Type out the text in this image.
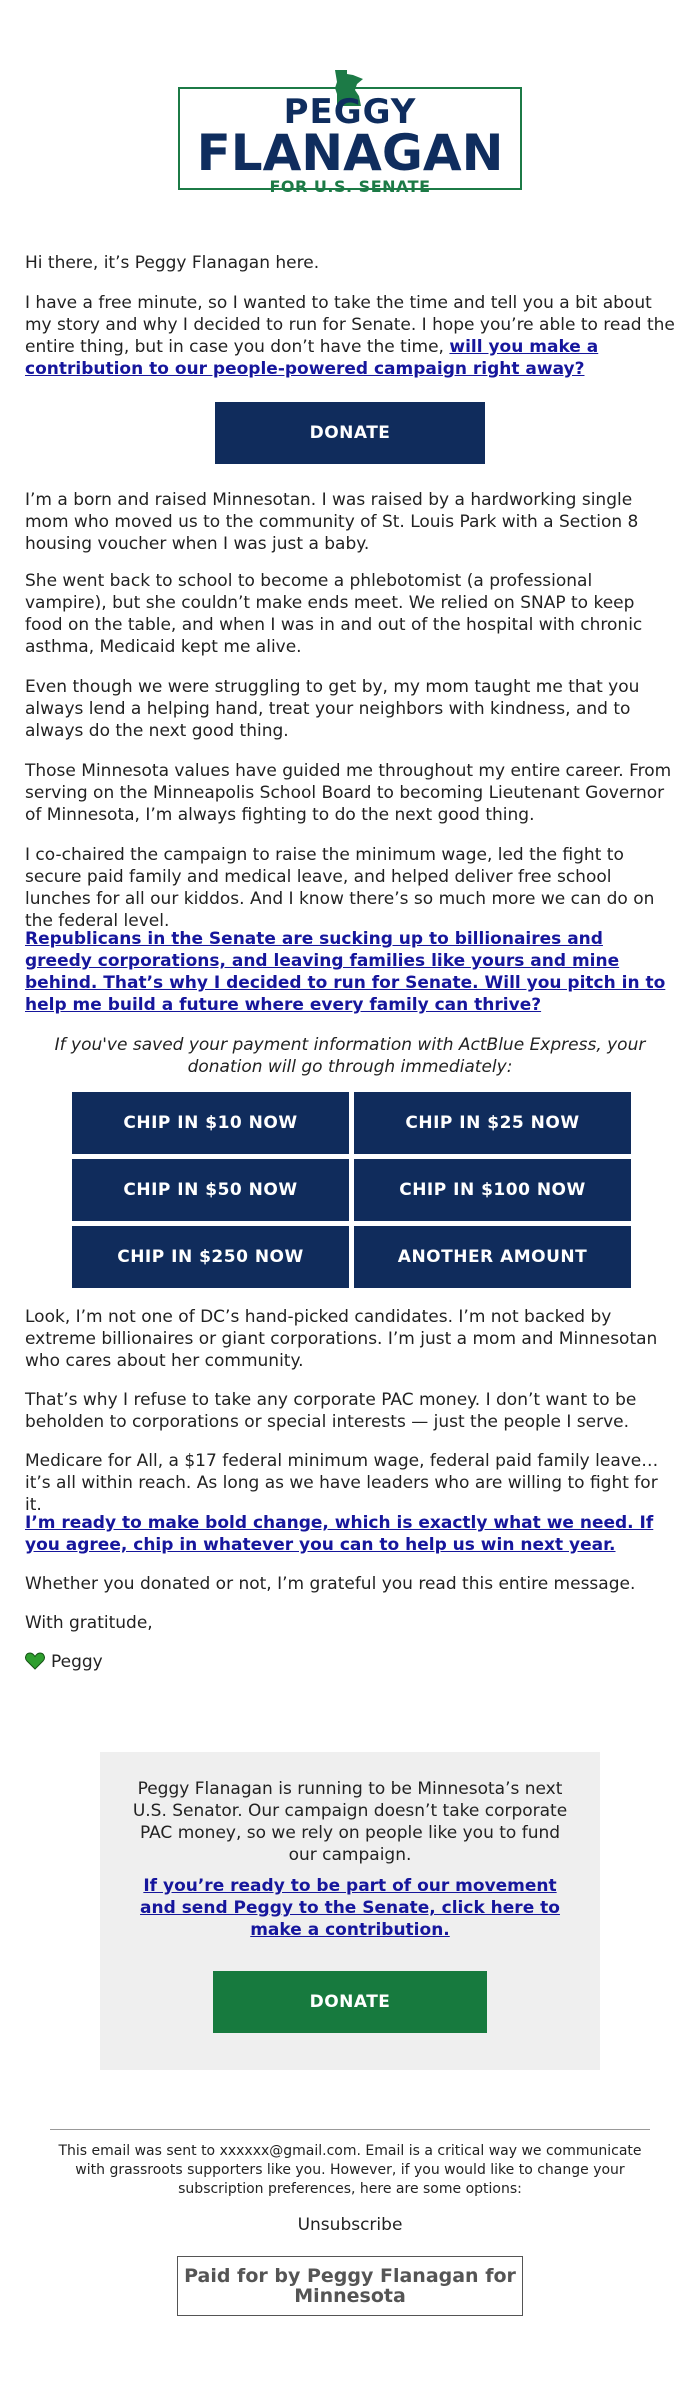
PEGGY
FLANAGAN
FOR U.S. SENATE

Hi there, it’s Peggy Flanagan here.

I have a free minute, so I wanted to take the time and tell you a bit about my story and why I decided to run for Senate. I hope you’re able to read the entire thing, but in case you don’t have the time, will you make a contribution to our people-powered campaign right away?

DONATE

I’m a born and raised Minnesotan. I was raised by a hardworking single mom who moved us to the community of St. Louis Park with a Section 8 housing voucher when I was just a baby.

She went back to school to become a phlebotomist (a professional vampire), but she couldn’t make ends meet. We relied on SNAP to keep food on the table, and when I was in and out of the hospital with chronic asthma, Medicaid kept me alive.

Even though we were struggling to get by, my mom taught me that you always lend a helping hand, treat your neighbors with kindness, and to always do the next good thing.

Those Minnesota values have guided me throughout my entire career. From serving on the Minneapolis School Board to becoming Lieutenant Governor of Minnesota, I’m always fighting to do the next good thing.

I co-chaired the campaign to raise the minimum wage, led the fight to secure paid family and medical leave, and helped deliver free school lunches for all our kiddos. And I know there’s so much more we can do on the federal level.

Republicans in the Senate are sucking up to billionaires and greedy corporations, and leaving families like yours and mine behind. That’s why I decided to run for Senate. Will you pitch in to help me build a future where every family can thrive?

If you've saved your payment information with ActBlue Express, your donation will go through immediately:

CHIP IN $10 NOW	CHIP IN $25 NOW
CHIP IN $50 NOW	CHIP IN $100 NOW
CHIP IN $250 NOW	ANOTHER AMOUNT

Look, I’m not one of DC’s hand-picked candidates. I’m not backed by extreme billionaires or giant corporations. I’m just a mom and Minnesotan who cares about her community.

That’s why I refuse to take any corporate PAC money. I don’t want to be beholden to corporations or special interests — just the people I serve.

Medicare for All, a $17 federal minimum wage, federal paid family leave… it’s all within reach. As long as we have leaders who are willing to fight for it.

I’m ready to make bold change, which is exactly what we need. If you agree, chip in whatever you can to help us win next year.

Whether you donated or not, I’m grateful you read this entire message.

With gratitude,

Peggy

Peggy Flanagan is running to be Minnesota’s next U.S. Senator. Our campaign doesn’t take corporate PAC money, so we rely on people like you to fund our campaign.
If you’re ready to be part of our movement and send Peggy to the Senate, click here to make a contribution.
DONATE
This email was sent to xxxxxx@gmail.com. Email is a critical way we communicate with grassroots supporters like you. However, if you would like to change your subscription preferences, here are some options:
Unsubscribe
Paid for by Peggy Flanagan for Minnesota
